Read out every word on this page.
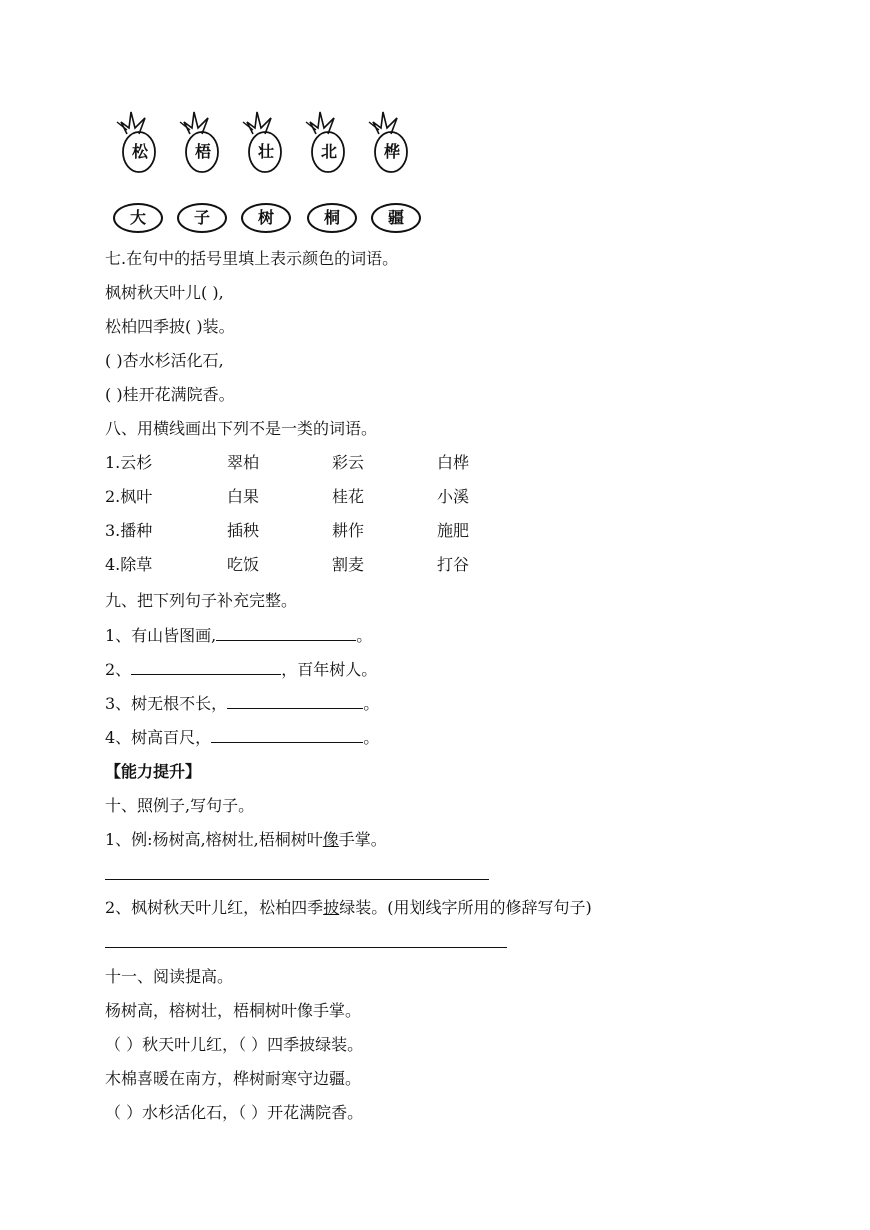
松	梧	壮	北	桦
大	子	树	桐	疆
七.在句中的括号里填上表示颜色的词语。
枫树秋天叶儿( ),
松柏四季披( )装。
( )杏水杉活化石,
( )桂开花满院香。
八、用横线画出下列不是一类的词语。
1.云杉	翠柏	彩云	白桦
2.枫叶	白果	桂花	小溪
3.播种	插秧	耕作	施肥
4.除草	吃饭	割麦	打谷
九、把下列句子补充完整。
1、有山皆图画,	。
2、	，百年树人。
3、树无根不长，	。
4、树高百尺，	。
【能力提升】
十、照例子,写句子。
1、例:杨树高,榕树壮,梧桐树叶像手掌。
2、枫树秋天叶儿红，松柏四季披绿装。(用划线字所用的修辞写句子)
十一、阅读提高。
杨树高，榕树壮，梧桐树叶像手掌。
（ ）秋天叶儿红，（ ）四季披绿装。
木棉喜暖在南方，桦树耐寒守边疆。
（ ）水杉活化石，（ ）开花满院香。
